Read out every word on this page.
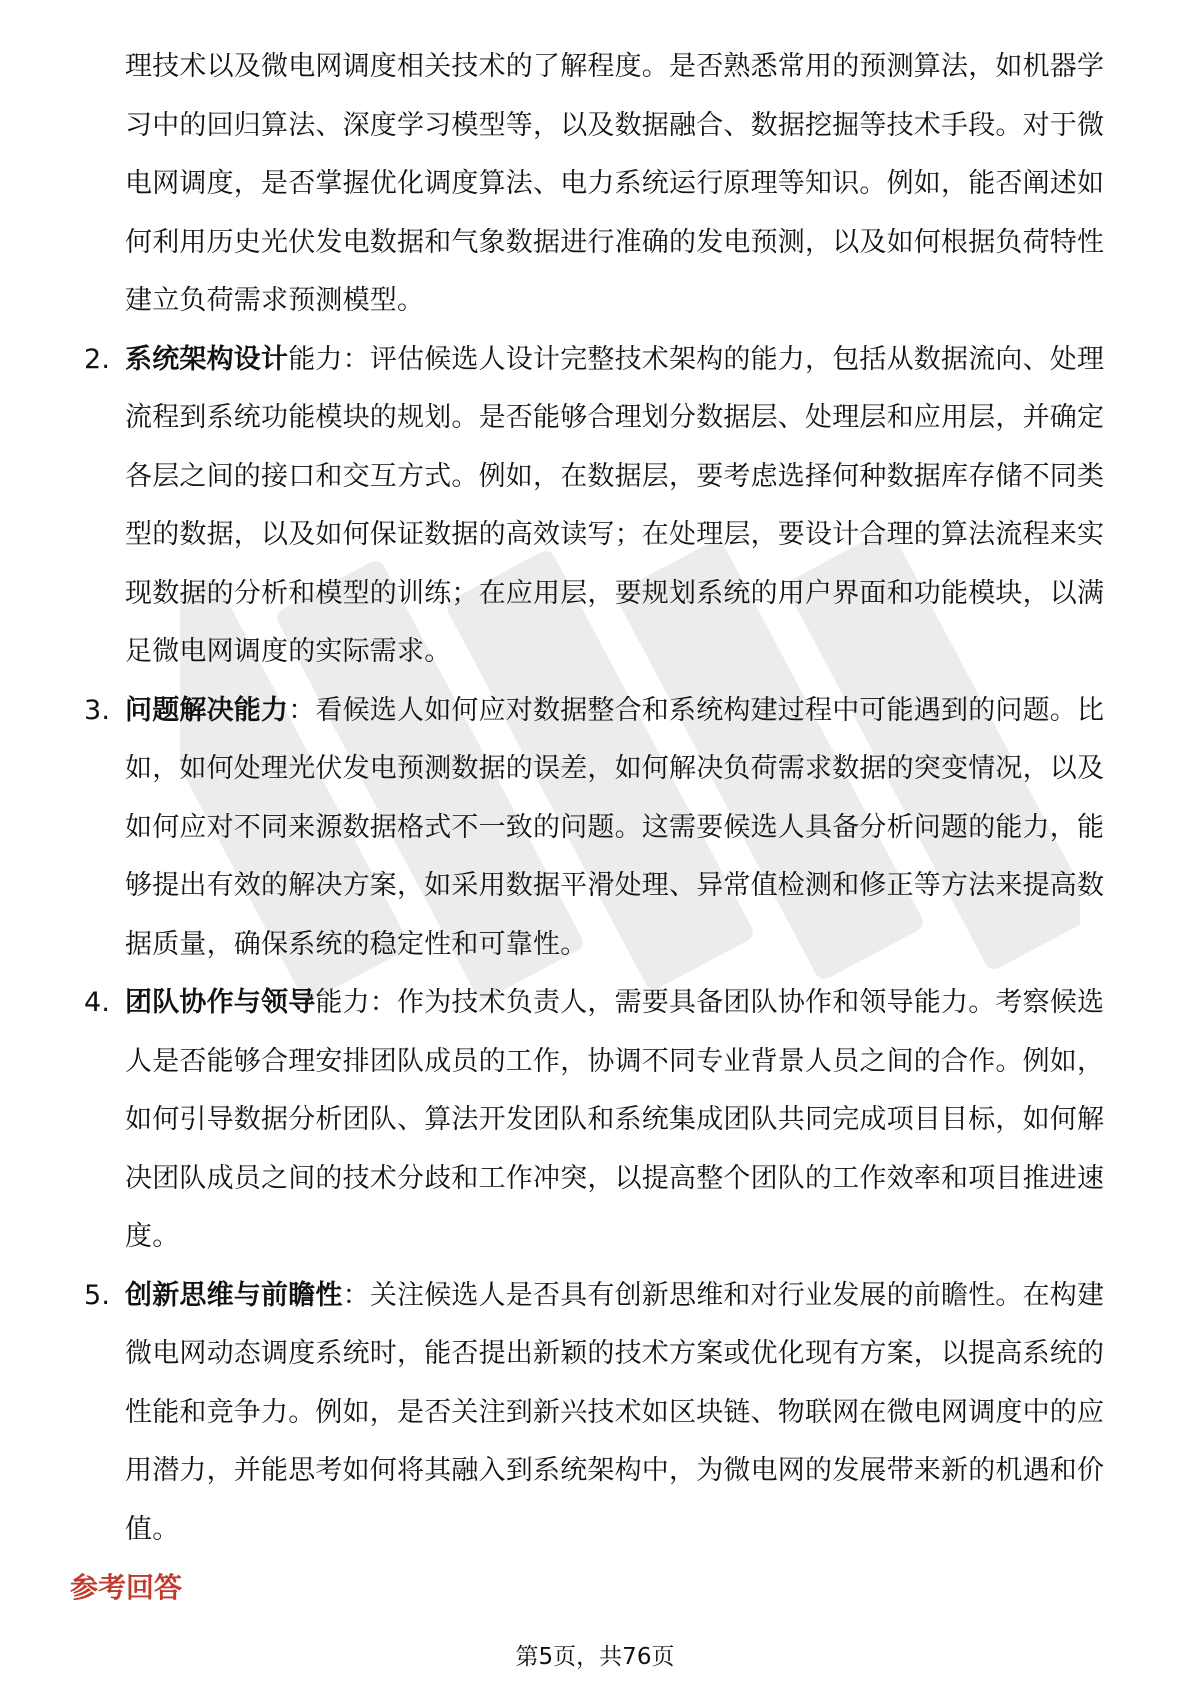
理技术以及微电网调度相关技术的了解程度。是否熟悉常用的预测算法，如机器学习中的回归算法、深度学习模型等，以及数据融合、数据挖掘等技术手段。对于微电网调度，是否掌握优化调度算法、电力系统运行原理等知识。例如，能否阐述如何利用历史光伏发电数据和气象数据进行准确的发电预测，以及如何根据负荷特性建立负荷需求预测模型。

2. 系统架构设计能力：评估候选人设计完整技术架构的能力，包括从数据流向、处理流程到系统功能模块的规划。是否能够合理划分数据层、处理层和应用层，并确定各层之间的接口和交互方式。例如，在数据层，要考虑选择何种数据库存储不同类型的数据，以及如何保证数据的高效读写；在处理层，要设计合理的算法流程来实现数据的分析和模型的训练；在应用层，要规划系统的用户界面和功能模块，以满足微电网调度的实际需求。

3. 问题解决能力：看候选人如何应对数据整合和系统构建过程中可能遇到的问题。比如，如何处理光伏发电预测数据的误差，如何解决负荷需求数据的突变情况，以及如何应对不同来源数据格式不一致的问题。这需要候选人具备分析问题的能力，能够提出有效的解决方案，如采用数据平滑处理、异常值检测和修正等方法来提高数据质量，确保系统的稳定性和可靠性。

4. 团队协作与领导能力：作为技术负责人，需要具备团队协作和领导能力。考察候选人是否能够合理安排团队成员的工作，协调不同专业背景人员之间的合作。例如，如何引导数据分析团队、算法开发团队和系统集成团队共同完成项目目标，如何解决团队成员之间的技术分歧和工作冲突，以提高整个团队的工作效率和项目推进速度。

5. 创新思维与前瞻性：关注候选人是否具有创新思维和对行业发展的前瞻性。在构建微电网动态调度系统时，能否提出新颖的技术方案或优化现有方案，以提高系统的性能和竞争力。例如，是否关注到新兴技术如区块链、物联网在微电网调度中的应用潜力，并能思考如何将其融入到系统架构中，为微电网的发展带来新的机遇和价值。

参考回答
第5页，共76页
